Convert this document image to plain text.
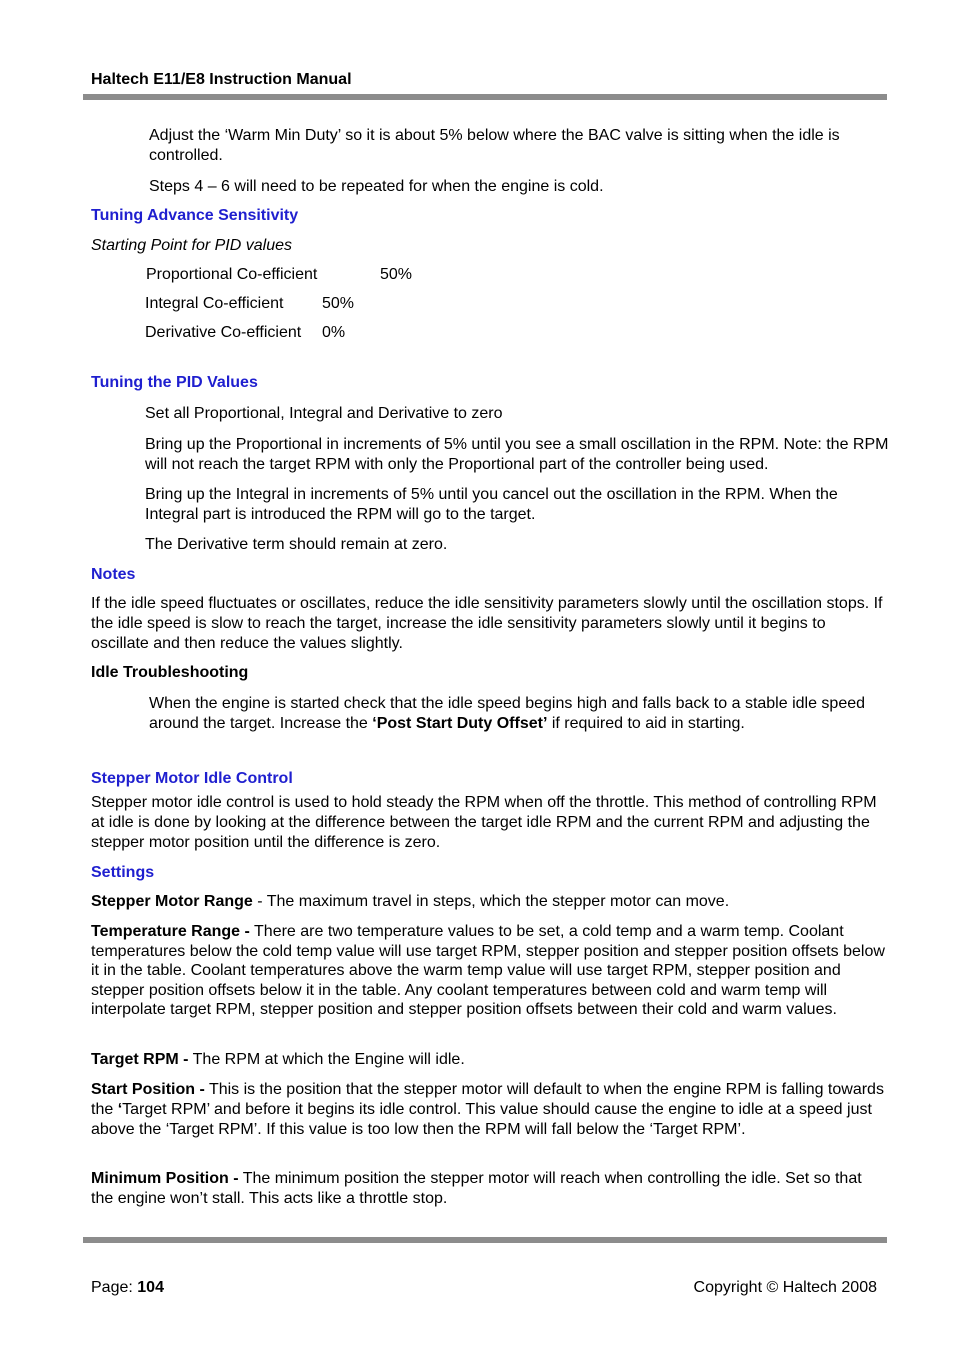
Haltech E11/E8 Instruction Manual

Adjust the ‘Warm Min Duty’ so it is about 5% below where the BAC valve is sitting when the idle is controlled.

Steps 4 – 6 will need to be repeated for when the engine is cold.

Tuning Advance Sensitivity
Starting Point for PID values
Proportional Co-efficient	50%
Integral Co-efficient 50%
Derivative Co-efficient 0%
Tuning the PID Values

Set all Proportional, Integral and Derivative to zero

Bring up the Proportional in increments of 5% until you see a small oscillation in the RPM. Note: the RPM will not reach the target RPM with only the Proportional part of the controller being used.

Bring up the Integral in increments of 5% until you cancel out the oscillation in the RPM. When the Integral part is introduced the RPM will go to the target.

The Derivative term should remain at zero.

Notes

If the idle speed fluctuates or oscillates, reduce the idle sensitivity parameters slowly until the oscillation stops. If the idle speed is slow to reach the target, increase the idle sensitivity parameters slowly until it begins to oscillate and then reduce the values slightly.

Idle Troubleshooting

When the engine is started check that the idle speed begins high and falls back to a stable idle speed around the target. Increase the ‘Post Start Duty Offset’ if required to aid in starting.

Stepper Motor Idle Control

Stepper motor idle control is used to hold steady the RPM when off the throttle. This method of controlling RPM at idle is done by looking at the difference between the target idle RPM and the current RPM and adjusting the stepper motor position until the difference is zero.

Settings

Stepper Motor Range - The maximum travel in steps, which the stepper motor can move.

Temperature Range - There are two temperature values to be set, a cold temp and a warm temp. Coolant temperatures below the cold temp value will use target RPM, stepper position and stepper position offsets below it in the table. Coolant temperatures above the warm temp value will use target RPM, stepper position and stepper position offsets below it in the table. Any coolant temperatures between cold and warm temp will interpolate target RPM, stepper position and stepper position offsets between their cold and warm values.

Target RPM - The RPM at which the Engine will idle.

Start Position - This is the position that the stepper motor will default to when the engine RPM is falling towards the ‘Target RPM’ and before it begins its idle control. This value should cause the engine to idle at a speed just above the ‘Target RPM’. If this value is too low then the RPM will fall below the ‘Target RPM’.

Minimum Position - The minimum position the stepper motor will reach when controlling the idle. Set so that the engine won’t stall. This acts like a throttle stop.

Page: 104	Copyright © Haltech 2008
